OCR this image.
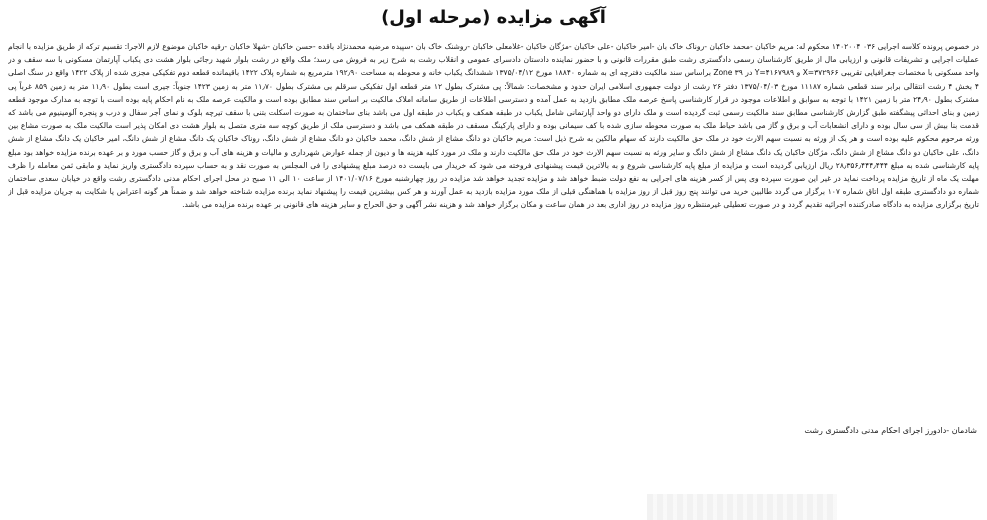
آگهی مزایده (مرحله اول)
در خصوص پرونده کلاسه اجرایی ۰۳۶ ۱۴۰۲۰۰۴ محکوم له: مریم خاکبان -محمد خاکبان -روناک خاک بان -امیر خاکبان -علی خاکبان -مژگان خاکبان -غلامعلی خاکبان -روشنک خاک بان -سپیده مرضیه محمدنژاد باقده -حسن خاکبان -شهلا خاکبان -رقیه خاکبان موضوع لازم الاجرا: تقسیم ترکه از طریق مزایده با انجام عملیات اجرایی و تشریفات قانونی و ارزیابی مال از طریق کارشناسان رسمی دادگستری رشت طبق مقررات قانونی و با حضور نماینده دادستان دادسرای عمومی و انقلاب رشت به شرح زیر به فروش می رسد؛ ملک واقع در رشت بلوار شهید رجائی بلوار هشت دی یکباب آپارتمان مسکونی با سه سقف و در واحد مسکونی با مختصات جغرافیایی تقریبی X=۳۷۲۹۶۶ و Y=۴۱۶۷۹۸۹ در Zone ۳۹ براساس سند مالکیت دفترچه ای به شماره ۱۸۸۴۰ مورخ ۱۳۷۵/۰۴/۱۲ ششدانگ یکباب خانه و محوطه به مساحت ۱۹۲٫۹۰ مترمربع به شماره پلاک ۱۴۲۲ باقیمانده قطعه دوم تفکیکی مجزی شده از پلاک ۱۴۲۲ واقع در سنگ اصلی ۴ بخش ۴ رشت انتقالی برابر سند قطعی شماره ۱۱۱۸۷ مورخ ۱۳۷۵/۰۴/۰۳ دفتر ۲۶ رشت از دولت جمهوری اسلامی ایران حدود و مشخصات: شمالاً: پی مشترک بطول ۱۲ متر قطعه اول تفکیکی سرقلم بی مشترک بطول ۱۱٫۷۰ متر به زمین ۱۴۲۳ جنوباً: جیری است بطول ۱۱٫۹۰ متر به زمین ۸۵۹ غرباً پی مشترک بطول ۲۴٫۹۰ متر با زمین ۱۴۲۱ با توجه به سوابق و اطلاعات موجود در قرار کارشناسی پاسخ عرصه ملک مطابق بازدید به عمل آمده و دسترسی اطلاعات از طریق سامانه املاک مالکیت بر اساس سند مطابق بوده است و مالکیت عرصه ملک به نام احکام پایه بوده است با توجه به مدارک موجود قطعه زمین و بنای احداثی پیشگفته طبق گزارش کارشناسی مطابق سند مالکیت رسمی ثبت گردیده است و ملک دارای دو واحد آپارتمانی شامل یکباب در طبقه همکف و یکباب در طبقه اول می باشد بنای ساختمان به صورت اسکلت بتنی با سقف تیرچه بلوک و نمای آجر سفال و درب و پنجره آلومینیوم می باشد که قدمت بنا بیش از سی سال بوده و دارای انشعابات آب و برق و گاز می باشد حیاط ملک به صورت محوطه سازی شده با کف سیمانی بوده و دارای پارکینگ مسقف در طبقه همکف می باشد و دسترسی ملک از طریق کوچه سه متری متصل به بلوار هشت دی امکان پذیر است مالکیت ملک به صورت مشاع بین ورثه مرحوم محکوم علیه بوده است و هر یک از ورثه به نسبت سهم الارث خود در ملک حق مالکیت دارند که سهام مالکین به شرح ذیل است: مریم خاکبان دو دانگ مشاع از شش دانگ، محمد خاکبان دو دانگ مشاع از شش دانگ، روناک خاکبان یک دانگ مشاع از شش دانگ، امیر خاکبان یک دانگ مشاع از شش دانگ، علی خاکبان دو دانگ مشاع از شش دانگ، مژگان خاکبان یک دانگ مشاع از شش دانگ و سایر ورثه به نسبت سهم الارث خود در ملک حق مالکیت دارند و ملک در مورد کلیه هزینه ها و دیون از جمله عوارض شهرداری و مالیات و هزینه های آب و برق و گاز حسب مورد و بر عهده برنده مزایده خواهد بود مبلغ پایه کارشناسی شده به مبلغ ۲۸٫۳۵۶٫۴۴۴٫۴۴۴ ریال ارزیابی گردیده است و مزایده از مبلغ پایه کارشناسی شروع و به بالاترین قیمت پیشنهادی فروخته می شود که خریدار می بایست ده درصد مبلغ پیشنهادی را فی المجلس به صورت نقد و به حساب سپرده دادگستری واریز نماید و مابقی ثمن معامله را ظرف مهلت یک ماه از تاریخ مزایده پرداخت نماید در غیر این صورت سپرده وی پس از کسر هزینه های اجرایی به نفع دولت ضبط خواهد شد و مزایده تجدید خواهد شد مزایده در روز چهارشنبه مورخ ۱۴۰۱/۰۷/۱۶ از ساعت ۱۰ الی ۱۱ صبح در محل اجرای احکام مدنی دادگستری رشت واقع در خیابان سعدی ساختمان شماره دو دادگستری طبقه اول اتاق شماره ۱۰۷ برگزار می گردد طالبین خرید می توانند پنج روز قبل از روز مزایده با هماهنگی قبلی از ملک مورد مزایده بازدید به عمل آورند و هر کس بیشترین قیمت را پیشنهاد نماید برنده مزایده شناخته خواهد شد و ضمناً هر گونه اعتراض یا شکایت به جریان مزایده قبل از تاریخ برگزاری مزایده به دادگاه صادرکننده اجرائیه تقدیم گردد و در صورت تعطیلی غیرمنتظره روز مزایده در روز اداری بعد در همان ساعت و مکان برگزار خواهد شد و هزینه نشر آگهی و حق الحراج و سایر هزینه های قانونی بر عهده برنده مزایده می باشد.
شادمان -دادورز اجرای احکام مدنی دادگستری رشت
